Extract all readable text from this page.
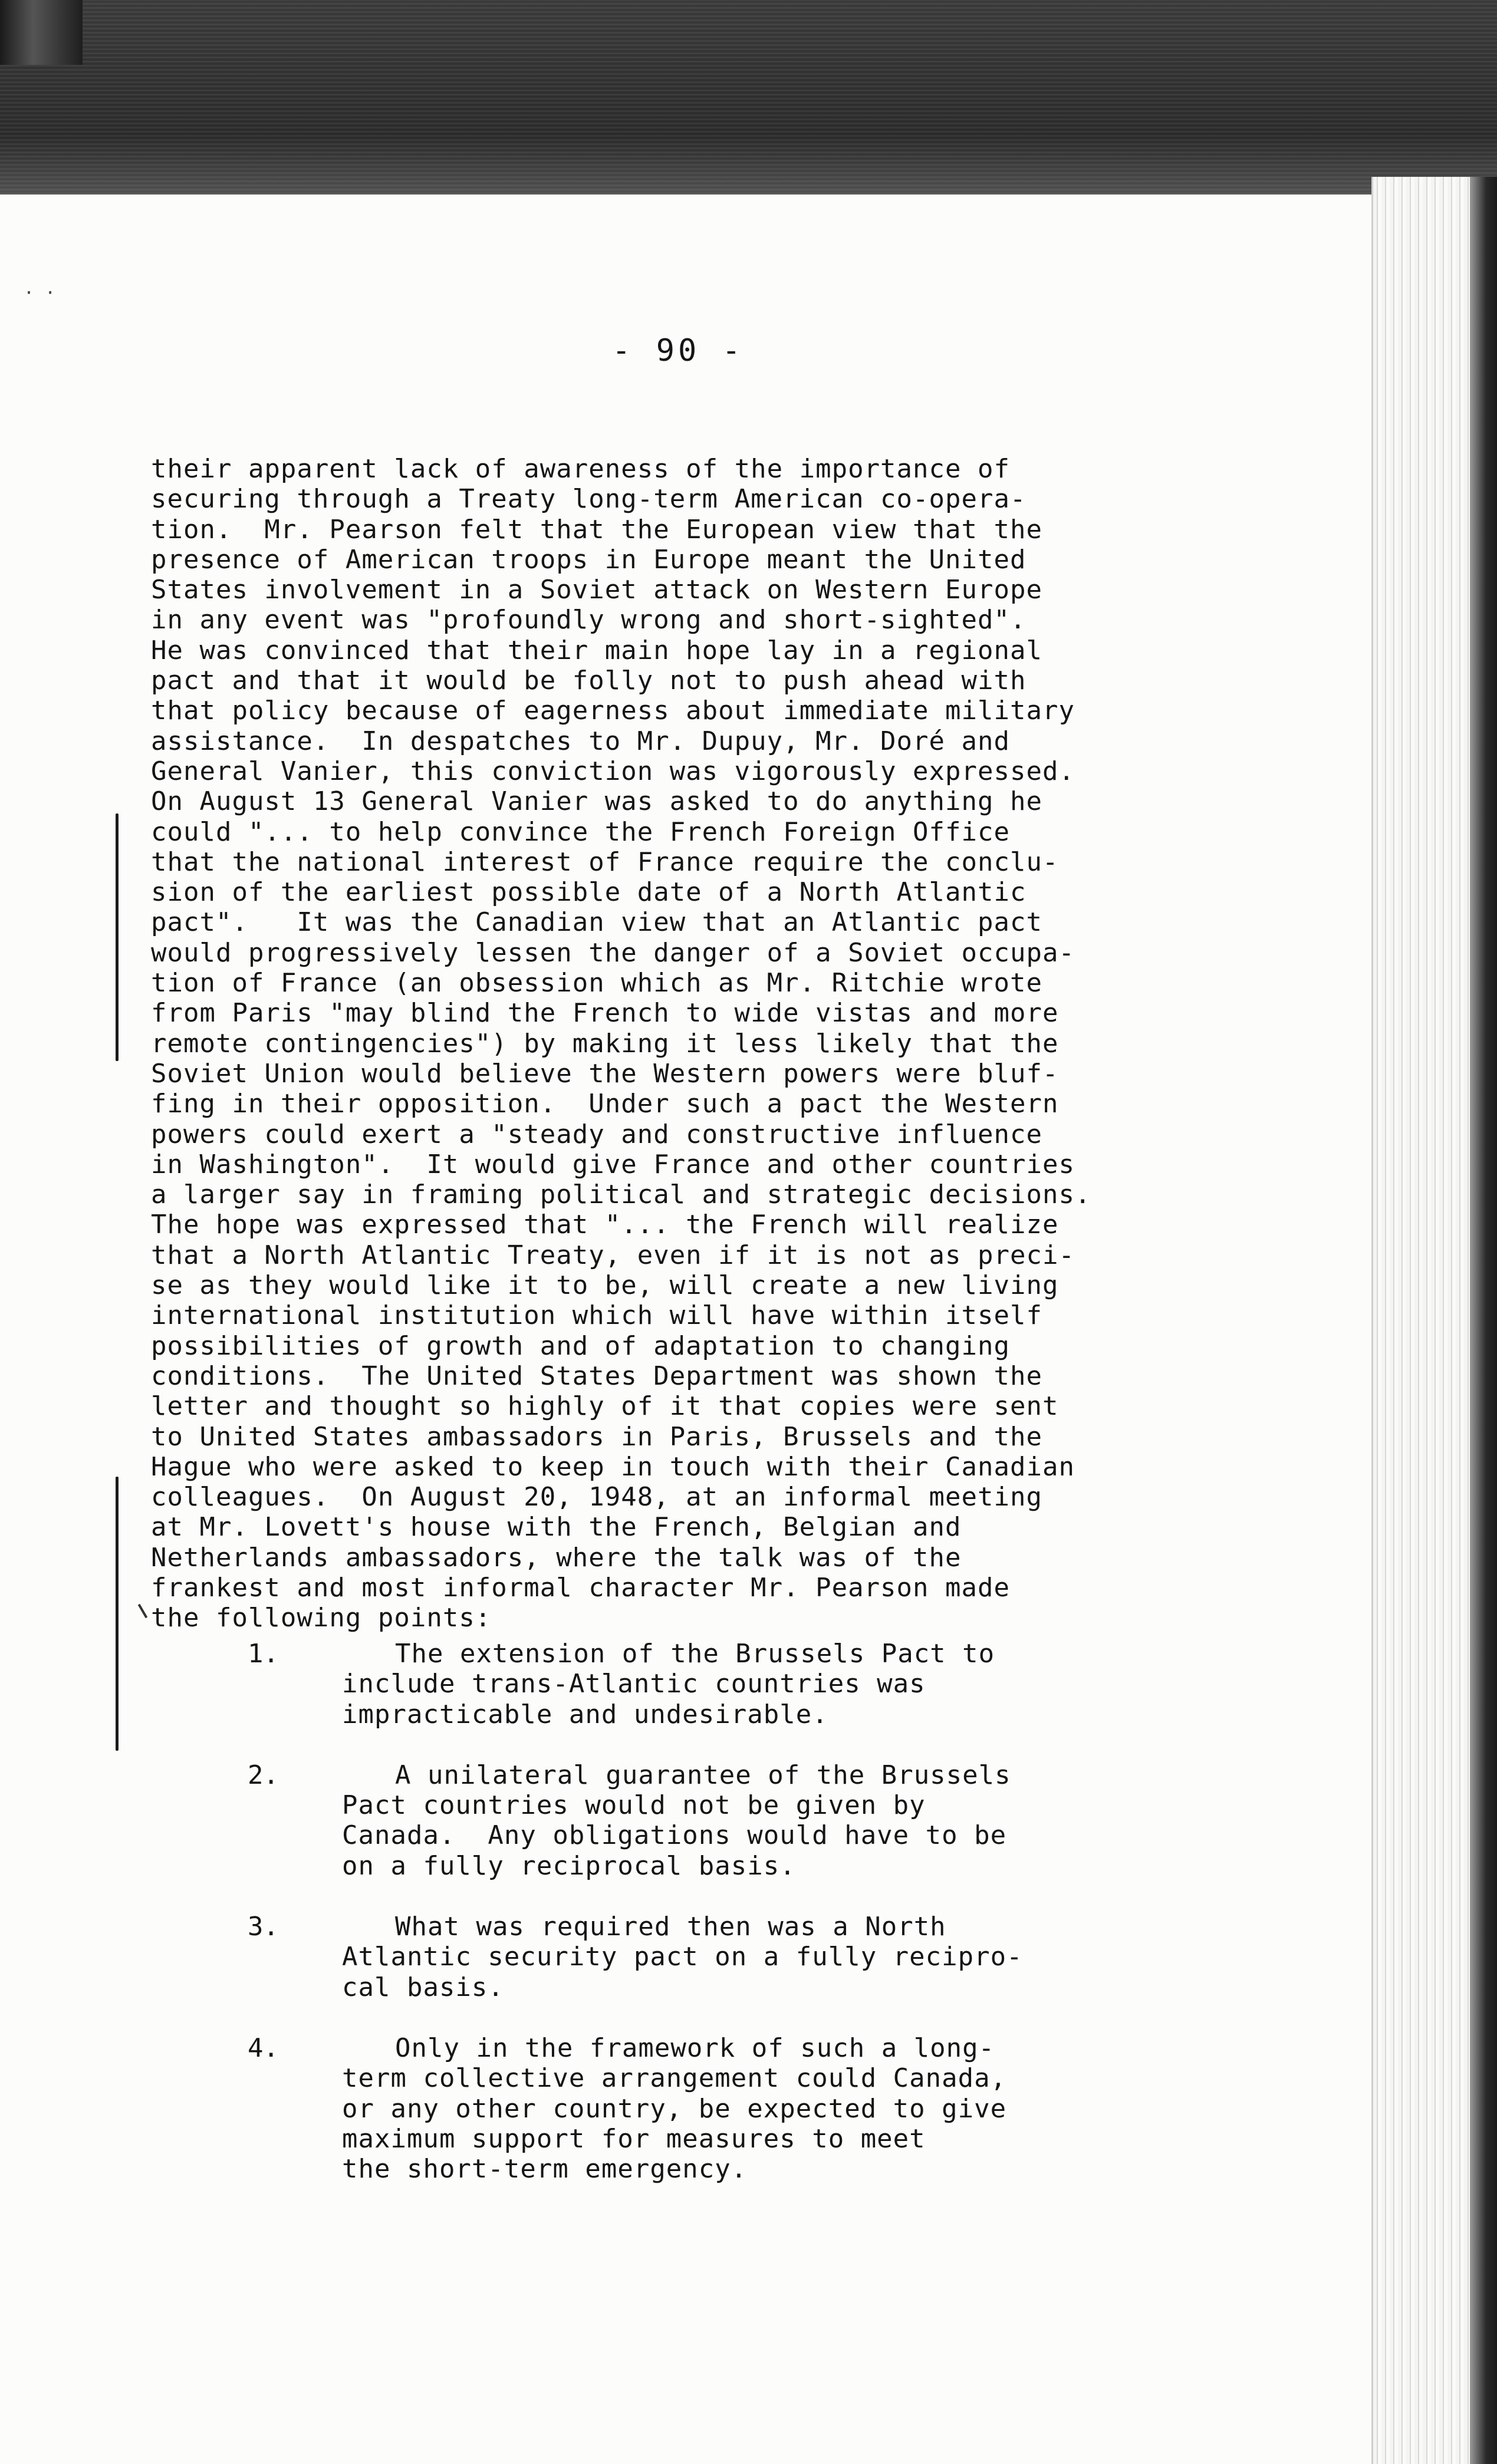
· ·
- 90 -
their apparent lack of awareness of the importance of
securing through a Treaty long-term American co-opera-
tion.  Mr. Pearson felt that the European view that the
presence of American troops in Europe meant the United
States involvement in a Soviet attack on Western Europe
in any event was "profoundly wrong and short-sighted".
He was convinced that their main hope lay in a regional
pact and that it would be folly not to push ahead with
that policy because of eagerness about immediate military
assistance.  In despatches to Mr. Dupuy, Mr. Doré and
General Vanier, this conviction was vigorously expressed.
On August 13 General Vanier was asked to do anything he
could "... to help convince the French Foreign Office
that the national interest of France require the conclu-
sion of the earliest possible date of a North Atlantic
pact".   It was the Canadian view that an Atlantic pact
would progressively lessen the danger of a Soviet occupa-
tion of France (an obsession which as Mr. Ritchie wrote
from Paris "may blind the French to wide vistas and more
remote contingencies") by making it less likely that the
Soviet Union would believe the Western powers were bluf-
fing in their opposition.  Under such a pact the Western
powers could exert a "steady and constructive influence
in Washington".  It would give France and other countries
a larger say in framing political and strategic decisions.
The hope was expressed that "... the French will realize
that a North Atlantic Treaty, even if it is not as preci-
se as they would like it to be, will create a new living
international institution which will have within itself
possibilities of growth and of adaptation to changing
conditions.  The United States Department was shown the
letter and thought so highly of it that copies were sent
to United States ambassadors in Paris, Brussels and the
Hague who were asked to keep in touch with their Canadian
colleagues.  On August 20, 1948, at an informal meeting
at Mr. Lovett's house with the French, Belgian and
Netherlands ambassadors, where the talk was of the
frankest and most informal character Mr. Pearson made
the following points:
1.	The extension of the Brussels Pact to
include trans-Atlantic countries was
impracticable and undesirable.
2.	A unilateral guarantee of the Brussels
Pact countries would not be given by
Canada.  Any obligations would have to be
on a fully reciprocal basis.
3.	What was required then was a North
Atlantic security pact on a fully recipro-
cal basis.
4.	Only in the framework of such a long-
term collective arrangement could Canada,
or any other country, be expected to give
maximum support for measures to meet
the short-term emergency.
